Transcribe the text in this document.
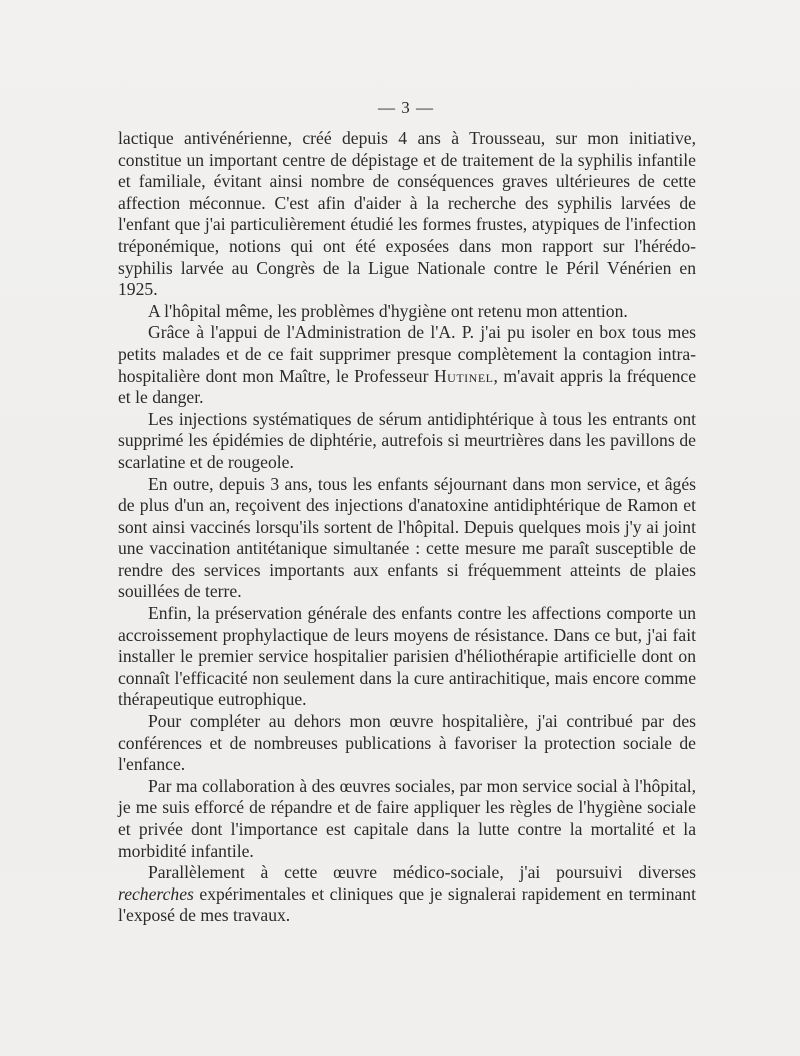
— 3 —

lactique antivénérienne, créé depuis 4 ans à Trousseau, sur mon initiative, constitue un important centre de dépistage et de traitement de la syphilis infantile et familiale, évitant ainsi nombre de conséquences graves ultérieures de cette affection méconnue. C'est afin d'aider à la recherche des syphilis larvées de l'enfant que j'ai particulièrement étudié les formes frustes, atypiques de l'infection tréponémique, notions qui ont été exposées dans mon rapport sur l'hérédo-syphilis larvée au Congrès de la Ligue Nationale contre le Péril Vénérien en 1925.

A l'hôpital même, les problèmes d'hygiène ont retenu mon attention.

Grâce à l'appui de l'Administration de l'A. P. j'ai pu isoler en box tous mes petits malades et de ce fait supprimer presque complètement la contagion intra-hospitalière dont mon Maître, le Professeur Hutinel, m'avait appris la fréquence et le danger.

Les injections systématiques de sérum antidiphtérique à tous les entrants ont supprimé les épidémies de diphtérie, autrefois si meurtrières dans les pavillons de scarlatine et de rougeole.

En outre, depuis 3 ans, tous les enfants séjournant dans mon service, et âgés de plus d'un an, reçoivent des injections d'anatoxine antidiphtérique de Ramon et sont ainsi vaccinés lorsqu'ils sortent de l'hôpital. Depuis quelques mois j'y ai joint une vaccination antitétanique simultanée : cette mesure me paraît susceptible de rendre des services importants aux enfants si fréquemment atteints de plaies souillées de terre.

Enfin, la préservation générale des enfants contre les affections comporte un accroissement prophylactique de leurs moyens de résistance. Dans ce but, j'ai fait installer le premier service hospitalier parisien d'héliothérapie artificielle dont on connaît l'efficacité non seulement dans la cure antirachitique, mais encore comme thérapeutique eutrophique.

Pour compléter au dehors mon œuvre hospitalière, j'ai contribué par des conférences et de nombreuses publications à favoriser la protection sociale de l'enfance.

Par ma collaboration à des œuvres sociales, par mon service social à l'hôpital, je me suis efforcé de répandre et de faire appliquer les règles de l'hygiène sociale et privée dont l'importance est capitale dans la lutte contre la mortalité et la morbidité infantile.

Parallèlement à cette œuvre médico-sociale, j'ai poursuivi diverses recherches expérimentales et cliniques que je signalerai rapidement en terminant l'exposé de mes travaux.
